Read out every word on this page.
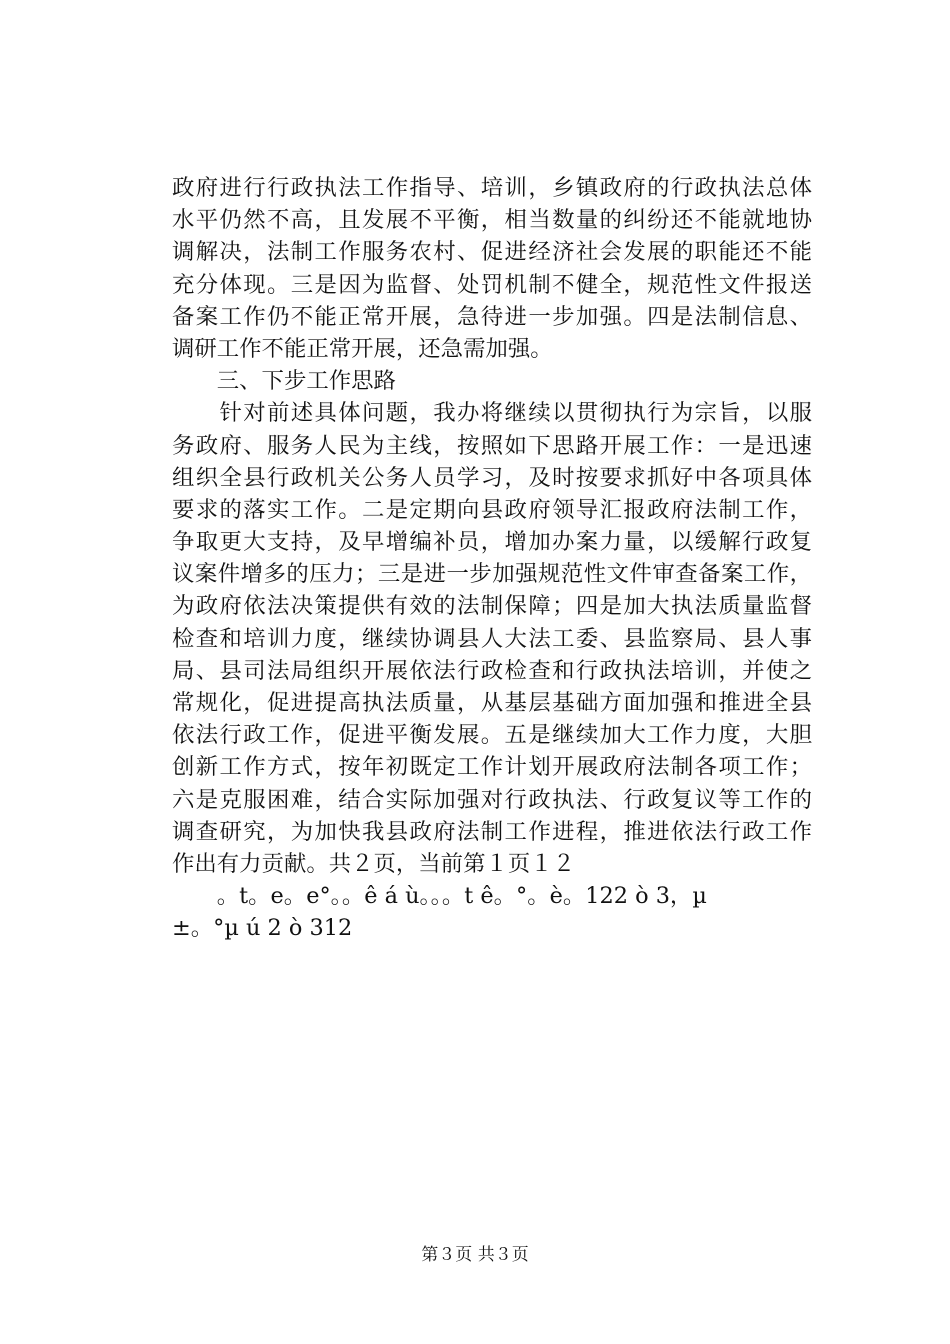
政府进行行政执法工作指导、培训，乡镇政府的行政执法总体
水平仍然不高，且发展不平衡，相当数量的纠纷还不能就地协
调解决，法制工作服务农村、促进经济社会发展的职能还不能
充分体现。三是因为监督、处罚机制不健全，规范性文件报送
备案工作仍不能正常开展，急待进一步加强。四是法制信息、
调研工作不能正常开展，还急需加强。
　　三、下步工作思路
　　针对前述具体问题，我办将继续以贯彻执行为宗旨，以服
务政府、服务人民为主线，按照如下思路开展工作：一是迅速
组织全县行政机关公务人员学习，及时按要求抓好中各项具体
要求的落实工作。二是定期向县政府领导汇报政府法制工作，
争取更大支持，及早增编补员，增加办案力量，以缓解行政复
议案件增多的压力；三是进一步加强规范性文件审查备案工作，
为政府依法决策提供有效的法制保障；四是加大执法质量监督
检查和培训力度，继续协调县人大法工委、县监察局、县人事
局、县司法局组织开展依法行政检查和行政执法培训，并使之
常规化，促进提高执法质量，从基层基础方面加强和推进全县
依法行政工作，促进平衡发展。五是继续加大工作力度，大胆
创新工作方式，按年初既定工作计划开展政府法制各项工作；
六是克服困难，结合实际加强对行政执法、行政复议等工作的
调查研究，为加快我县政府法制工作进程，推进依法行政工作
作出有力贡献。共２页，当前第１页１２
　　。t。e。e°。。ê á ù。。。t ê。°。è。122 ò 3，µ
±。°µ ú 2 ò 312
第３页 共３页
